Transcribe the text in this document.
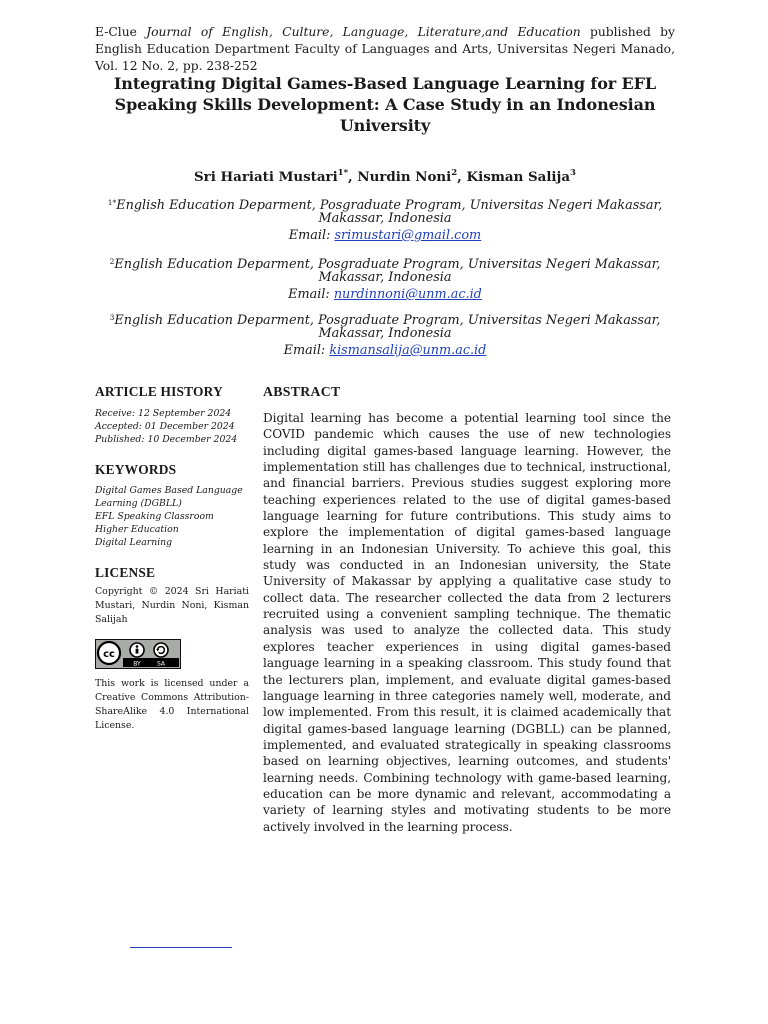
E-Clue Journal of English, Culture, Language, Literature,and Education published by English Education Department Faculty of Languages and Arts, Universitas Negeri Manado, Vol. 12 No. 2, pp. 238-252
Integrating Digital Games-Based Language Learning for EFL Speaking Skills Development: A Case Study in an Indonesian University
Sri Hariati Mustari$^{1*}$, Nurdin Noni$^2$, Kisman Salija$^3$
$^{1*}$English Education Deparment, Posgraduate Program, Universitas Negeri Makassar, Makassar, Indonesia
Email: srimustari@gmail.com
$^2$English Education Deparment, Posgraduate Program, Universitas Negeri Makassar, Makassar, Indonesia
Email: nurdinnoni@unm.ac.id
$^3$English Education Deparment, Posgraduate Program, Universitas Negeri Makassar, Makassar, Indonesia
Email: kismansalija@unm.ac.id
ARTICLE HISTORY
Receive: 12 September 2024
Accepted: 01 December 2024
Published: 10 December 2024
KEYWORDS
Digital Games Based Language Learning (DGBLL)
EFL Speaking Classroom
Higher Education
Digital Learning
LICENSE

Copyright © 2024 Sri Hariati Mustari, Nurdin Noni, Kisman Salijah

cc
BY	SA

This work is licensed under a Creative Commons Attribution-ShareAlike 4.0 International License.

ABSTRACT

Digital learning has become a potential learning tool since the COVID pandemic which causes the use of new technologies including digital games-based language learning. However, the implementation still has challenges due to technical, instructional, and financial barriers. Previous studies suggest exploring more teaching experiences related to the use of digital games-based language learning for future contributions. This study aims to explore the implementation of digital games-based language learning in an Indonesian University. To achieve this goal, this study was conducted in an Indonesian university, the State University of Makassar by applying a qualitative case study to collect data. The researcher collected the data from 2 lecturers recruited using a convenient sampling technique. The thematic analysis was used to analyze the collected data. This study explores teacher experiences in using digital games-based language learning in a speaking classroom. This study found that the lecturers plan, implement, and evaluate digital games-based language learning in three categories namely well, moderate, and low implemented. From this result, it is claimed academically that digital games-based language learning (DGBLL) can be planned, implemented, and evaluated strategically in speaking classrooms based on learning objectives, learning outcomes, and students' learning needs. Combining technology with game-based learning, education can be more dynamic and relevant, accommodating a variety of learning styles and motivating students to be more actively involved in the learning process.
